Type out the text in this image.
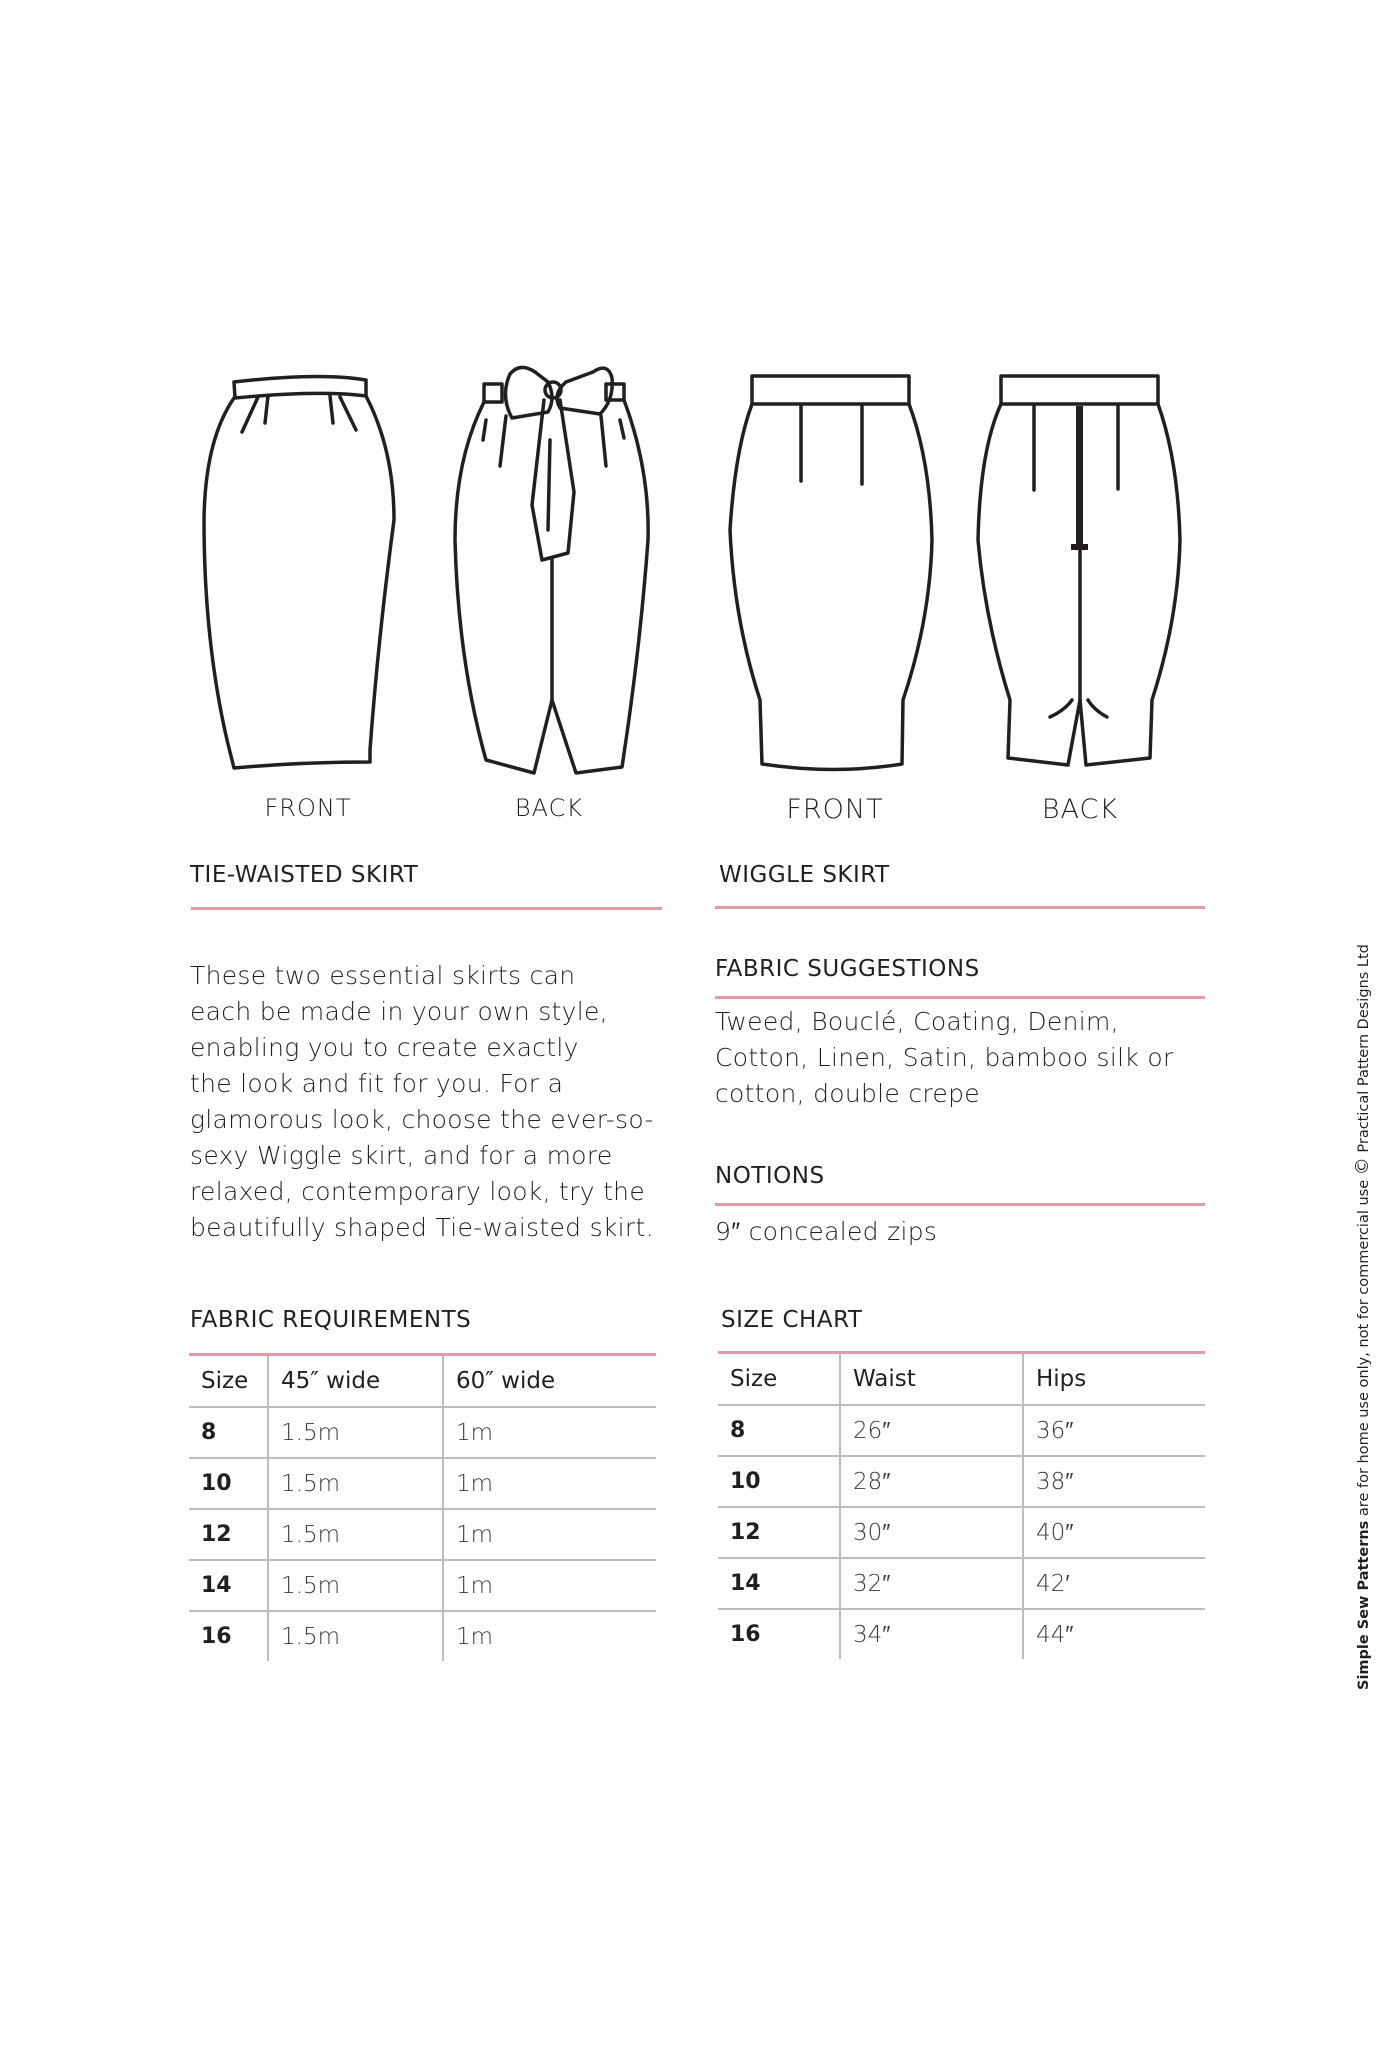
FRONT	BACK	FRONT	BACK
TIE-WAISTED SKIRT
These two essential skirts can
each be made in your own style,
enabling you to create exactly
the look and fit for you. For a
glamorous look, choose the ever-so-
sexy Wiggle skirt, and for a more
relaxed, contemporary look, try the
beautifully shaped Tie-waisted skirt.
WIGGLE SKIRT
FABRIC SUGGESTIONS
Tweed, Bouclé, Coating, Denim,
Cotton, Linen, Satin, bamboo silk or
cotton, double crepe
NOTIONS
9″ concealed zips
FABRIC REQUIREMENTS
Size	45″ wide	60″ wide
8	1.5m	1m
10	1.5m	1m
12	1.5m	1m
14	1.5m	1m
16	1.5m	1m
SIZE CHART
Size	Waist	Hips
8	26″	36″
10	28″	38″
12	30″	40″
14	32″	42′
16	34″	44″	Simple Sew Patterns are for home use only, not for commercial use © Practical Pattern Designs Ltd
